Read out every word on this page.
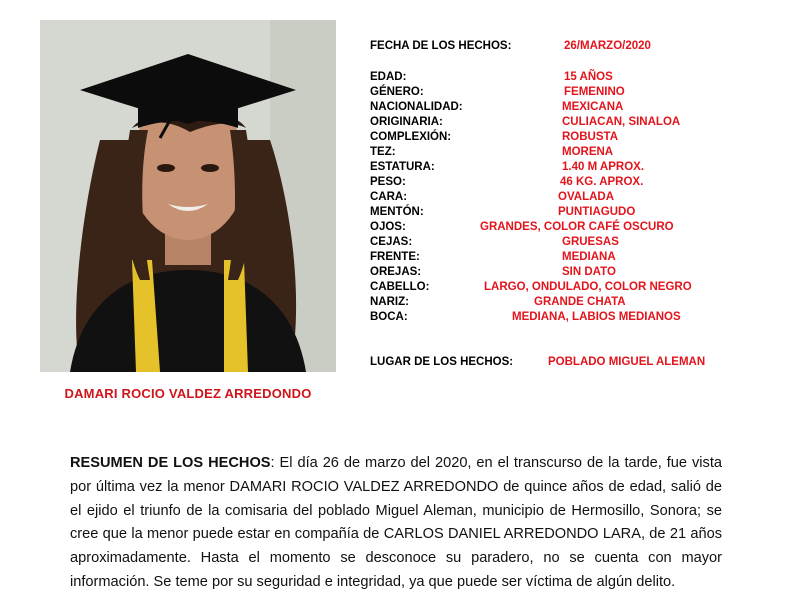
DAMARI ROCIO VALDEZ ARREDONDO
FECHA DE LOS HECHOS:	26/MARZO/2020
EDAD:	15 AÑOS
GÉNERO:	FEMENINO
NACIONALIDAD:	MEXICANA
ORIGINARIA:	CULIACAN, SINALOA
COMPLEXIÓN:	ROBUSTA
TEZ:	MORENA
ESTATURA:	1.40 M APROX.
PESO:	46 KG. APROX.
CARA:	OVALADA
MENTÓN:	PUNTIAGUDO
OJOS:	GRANDES, COLOR CAFÉ OSCURO
CEJAS:	GRUESAS
FRENTE:	MEDIANA
OREJAS:	SIN DATO
CABELLO:	LARGO, ONDULADO, COLOR NEGRO
NARIZ:	GRANDE CHATA
BOCA:	MEDIANA, LABIOS MEDIANOS
LUGAR DE LOS HECHOS:	POBLADO MIGUEL ALEMAN
RESUMEN DE LOS HECHOS: El día 26 de marzo del 2020, en el transcurso de la tarde, fue vista por última vez la menor DAMARI ROCIO VALDEZ ARREDONDO de quince años de edad, salió de el ejido el triunfo de la comisaria del poblado Miguel Aleman, municipio de Hermosillo, Sonora; se cree que la menor puede estar en compañía de CARLOS DANIEL ARREDONDO LARA, de 21 años aproximadamente. Hasta el momento se desconoce su paradero, no se cuenta con mayor información. Se teme por su seguridad e integridad, ya que puede ser víctima de algún delito.
